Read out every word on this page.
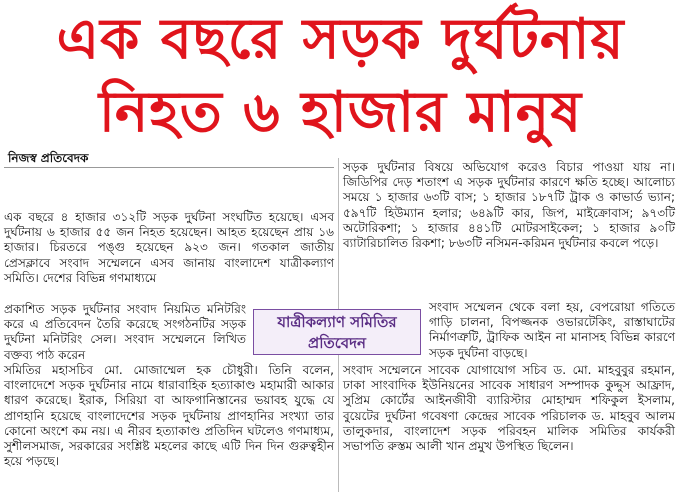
এক বছরে সড়ক দুর্ঘটনায়
নিহত ৬ হাজার মানুষ
নিজস্ব প্রতিবেদক

এক বছরে ৪ হাজার ৩১২টি সড়ক দুর্ঘটনা সংঘটিত হয়েছে। এসব দুর্ঘটনায় ৬ হাজার ৫৫ জন নিহত হয়েছেন। আহত হয়েছেন প্রায় ১৬ হাজার। চিরতরে পঙ্গু হয়েছেন ৯২৩ জন। গতকাল জাতীয় প্রেসক্লাবে সংবাদ সম্মেলনে এসব জানায় বাংলাদেশ যাত্রীকল্যাণ সমিতি। দেশের বিভিন্ন গণমাধ্যমে

প্রকাশিত সড়ক দুর্ঘটনার সংবাদ নিয়মিত মনিটরিং করে এ প্রতিবেদন তৈরি করেছে সংগঠনটির সড়ক দুর্ঘটনা মনিটরিং সেল। সংবাদ সম্মেলনে লিখিত বক্তব্য পাঠ করেন

যাত্রীকল্যাণ সমিতির
প্রতিবেদন

সমিতির মহাসচিব মো. মোজাম্মেল হক চৌধুরী। তিনি বলেন, বাংলাদেশে সড়ক দুর্ঘটনার নামে ধারাবাহিক হত্যাকাণ্ড মহামারী আকার ধারণ করেছে। ইরাক, সিরিয়া বা আফগানিস্তানের ভয়াবহ যুদ্ধে যে প্রাণহানি হয়েছে বাংলাদেশের সড়ক দুর্ঘটনায় প্রাণহানির সংখ্যা তার কোনো অংশে কম নয়। এ নীরব হত্যাকাণ্ড প্রতিদিন ঘটলেও গণমাধ্যম, সুশীলসমাজ, সরকারের সংশ্লিষ্ট মহলের কাছে এটি দিন দিন গুরুত্বহীন হয়ে পড়ছে।

সড়ক দুর্ঘটনার বিষয়ে অভিযোগ করেও বিচার পাওয়া যায় না। জিডিপির দেড় শতাংশ এ সড়ক দুর্ঘটনার কারণে ক্ষতি হচ্ছে। আলোচ্য সময়ে ১ হাজার ৬৩টি বাস; ১ হাজার ১৮৭টি ট্রাক ও কাভার্ড ভ্যান; ৫৯৭টি হিউম্যান হলার; ৬৪৯টি কার, জিপ, মাইক্রোবাস; ৯৭৩টি অটোরিকশা; ১ হাজার ৪৪১টি মোটরসাইকেল; ১ হাজার ৯০টি ব্যাটারিচালিত রিকশা; ৮৬৩টি নসিমন-করিমন দুর্ঘটনার কবলে পড়ে।

সংবাদ সম্মেলন থেকে বলা হয়, বেপরোয়া গতিতে গাড়ি চালনা, বিপজ্জনক ওভারটেকিং, রাস্তাঘাটের নির্মাণত্রুটি, ট্রাফিক আইন না মানাসহ বিভিন্ন কারণে সড়ক দুর্ঘটনা বাড়ছে।

সংবাদ সম্মেলনে সাবেক যোগাযোগ সচিব ড. মো. মাহবুবুর রহমান, ঢাকা সাংবাদিক ইউনিয়নের সাবেক সাধারণ সম্পাদক কুদ্দুস আফ্রাদ, সুপ্রিম কোর্টের আইনজীবী ব্যারিস্টার মোহাম্মদ শফিকুল ইসলাম, বুয়েটের দুর্ঘটনা গবেষণা কেন্দ্রের সাবেক পরিচালক ড. মাহবুব আলম তালুকদার, বাংলাদেশ সড়ক পরিবহন মালিক সমিতির কার্যকরী সভাপতি রুস্তম আলী খান প্রমুখ উপস্থিত ছিলেন।
